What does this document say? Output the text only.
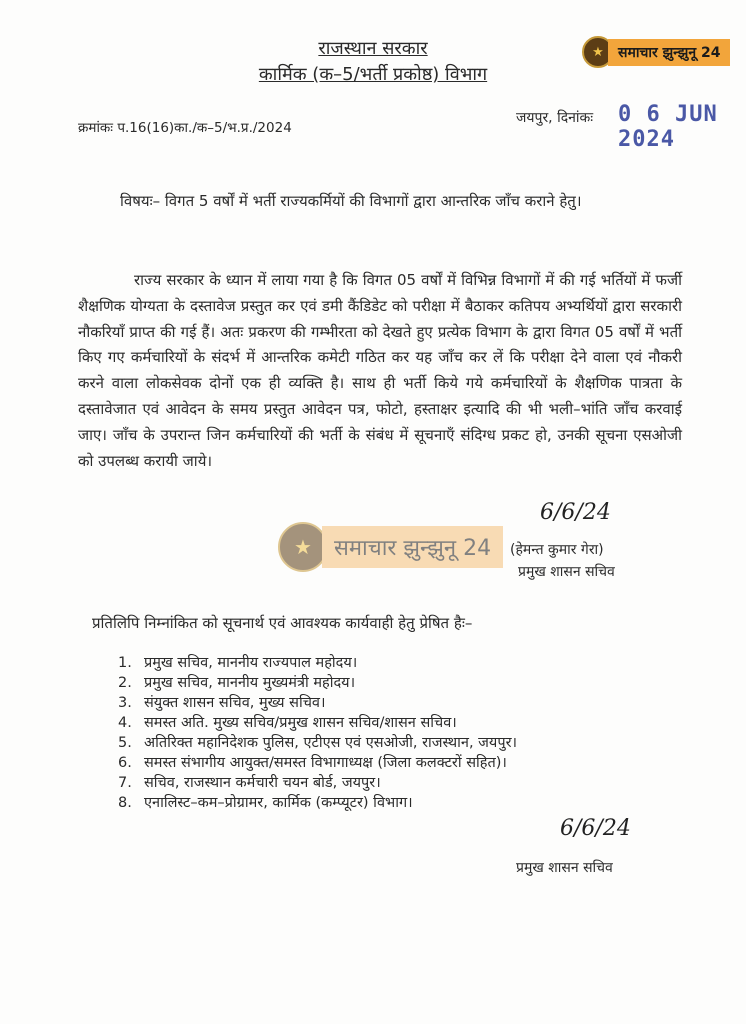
राजस्थान सरकार
कार्मिक (क–5/भर्ती प्रकोष्ठ) विभाग
★	समाचार झुन्झुनू 24
क्रमांकः प.16(16)का./क–5/भ.प्र./2024
जयपुर, दिनांकः 0 6 JUN 2024
विषयः– विगत 5 वर्षों में भर्ती राज्यकर्मियों की विभागों द्वारा आन्तरिक जाँच कराने हेतु।
राज्य सरकार के ध्यान में लाया गया है कि विगत 05 वर्षों में विभिन्न विभागों में की गई भर्तियों में फर्जी शैक्षणिक योग्यता के दस्तावेज प्रस्तुत कर एवं डमी कैंडिडेट को परीक्षा में बैठाकर कतिपय अभ्यर्थियों द्वारा सरकारी नौकरियाँ प्राप्त की गई हैं। अतः प्रकरण की गम्भीरता को देखते हुए प्रत्येक विभाग के द्वारा विगत 05 वर्षों में भर्ती किए गए कर्मचारियों के संदर्भ में आन्तरिक कमेटी गठित कर यह जाँच कर लें कि परीक्षा देने वाला एवं नौकरी करने वाला लोकसेवक दोनों एक ही व्यक्ति है। साथ ही भर्ती किये गये कर्मचारियों के शैक्षणिक पात्रता के दस्तावेजात एवं आवेदन के समय प्रस्तुत आवेदन पत्र, फोटो, हस्ताक्षर इत्यादि की भी भली–भांति जाँच करवाई जाए। जाँच के उपरान्त जिन कर्मचारियों की भर्ती के संबंध में सूचनाएँ संदिग्ध प्रकट हो, उनकी सूचना एसओजी को उपलब्ध करायी जाये।
★	समाचार झुन्झुनू 24
6/6/24
(हेमन्त कुमार गेरा)
प्रमुख शासन सचिव
प्रतिलिपि निम्नांकित को सूचनार्थ एवं आवश्यक कार्यवाही हेतु प्रेषित हैः–
1. प्रमुख सचिव, माननीय राज्यपाल महोदय।
2. प्रमुख सचिव, माननीय मुख्यमंत्री महोदय।
3. संयुक्त शासन सचिव, मुख्य सचिव।
4. समस्त अति. मुख्य सचिव/प्रमुख शासन सचिव/शासन सचिव।
5. अतिरिक्त महानिदेशक पुलिस, एटीएस एवं एसओजी, राजस्थान, जयपुर।
6. समस्त संभागीय आयुक्त/समस्त विभागाध्यक्ष (जिला कलक्टरों सहित)।
7. सचिव, राजस्थान कर्मचारी चयन बोर्ड, जयपुर।
8. एनालिस्ट–कम–प्रोग्रामर, कार्मिक (कम्प्यूटर) विभाग।
6/6/24
प्रमुख शासन सचिव
